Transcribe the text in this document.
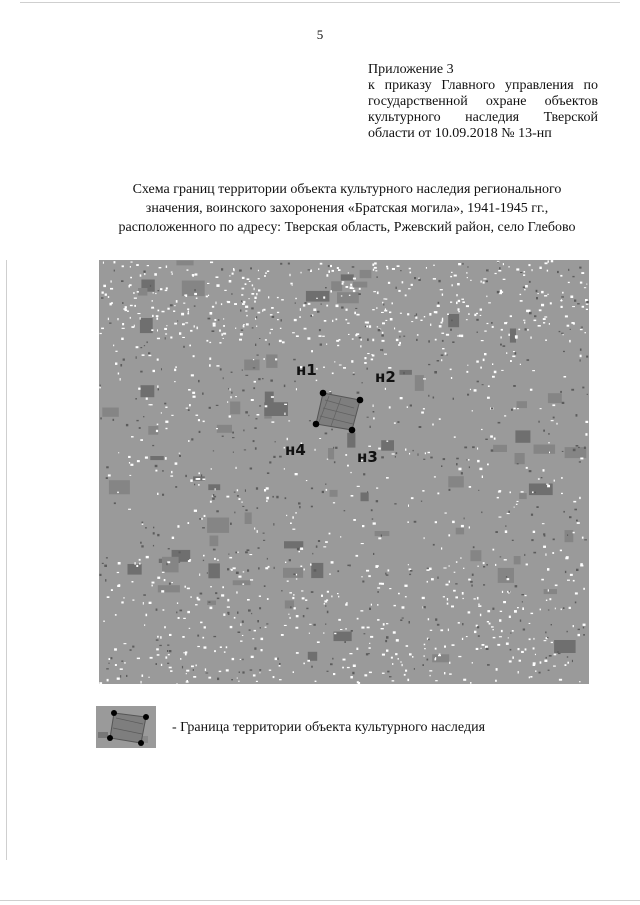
5
Приложение 3
к приказу Главного управления по
государственной охране объектов
культурного наследия Тверской
области от 10.09.2018 № 13-нп
Схема границ территории объекта культурного наследия регионального
значения, воинского захоронения «Братская могила», 1941-1945 гг.,
расположенного по адресу: Тверская область, Ржевский район, село Глебово
н1	н2
н3
н4
- Граница территории объекта культурного наследия
